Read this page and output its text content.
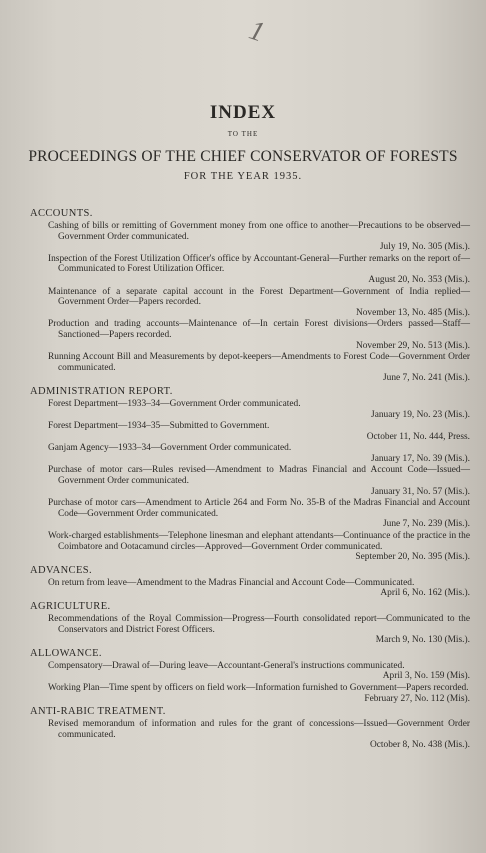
1
INDEX
TO THE
PROCEEDINGS OF THE CHIEF CONSERVATOR OF FORESTS
FOR THE YEAR 1935.
ACCOUNTS.
Cashing of bills or remitting of Government money from one office to another—Precautions to be observed—Government Order communicated.
July 19, No. 305 (Mis.).
Inspection of the Forest Utilization Officer's office by Accountant-General—Further remarks on the report of—Communicated to Forest Utilization Officer.
August 20, No. 353 (Mis.).
Maintenance of a separate capital account in the Forest Department—Government of India replied—Government Order—Papers recorded.
November 13, No. 485 (Mis.).
Production and trading accounts—Maintenance of—In certain Forest divisions—Orders passed—Staff—Sanctioned—Papers recorded.
November 29, No. 513 (Mis.).
Running Account Bill and Measurements by depot-keepers—Amendments to Forest Code—Government Order communicated.
June 7, No. 241 (Mis.).
ADMINISTRATION REPORT.
Forest Department—1933–34—Government Order communicated.
January 19, No. 23 (Mis.).
Forest Department—1934–35—Submitted to Government.
October 11, No. 444, Press.
Ganjam Agency—1933–34—Government Order communicated.
January 17, No. 39 (Mis.).
Purchase of motor cars—Rules revised—Amendment to Madras Financial and Account Code—Issued—Government Order communicated.
January 31, No. 57 (Mis.).
Purchase of motor cars—Amendment to Article 264 and Form No. 35-B of the Madras Financial and Account Code—Government Order communicated.
June 7, No. 239 (Mis.).
Work-charged establishments—Telephone linesman and elephant attendants—Continuance of the practice in the Coimbatore and Ootacamund circles—Approved—Government Order communicated.
September 20, No. 395 (Mis.).
ADVANCES.
On return from leave—Amendment to the Madras Financial and Account Code—Communicated.
April 6, No. 162 (Mis.).
AGRICULTURE.
Recommendations of the Royal Commission—Progress—Fourth consolidated report—Communicated to the Conservators and District Forest Officers.
March 9, No. 130 (Mis.).
ALLOWANCE.
Compensatory—Drawal of—During leave—Accountant-General's instructions communicated.
April 3, No. 159 (Mis).
Working Plan—Time spent by officers on field work—Information furnished to Government—Papers recorded.
February 27, No. 112 (Mis).
ANTI-RABIC TREATMENT.
Revised memorandum of information and rules for the grant of concessions—Issued—Government Order communicated.
October 8, No. 438 (Mis.).
